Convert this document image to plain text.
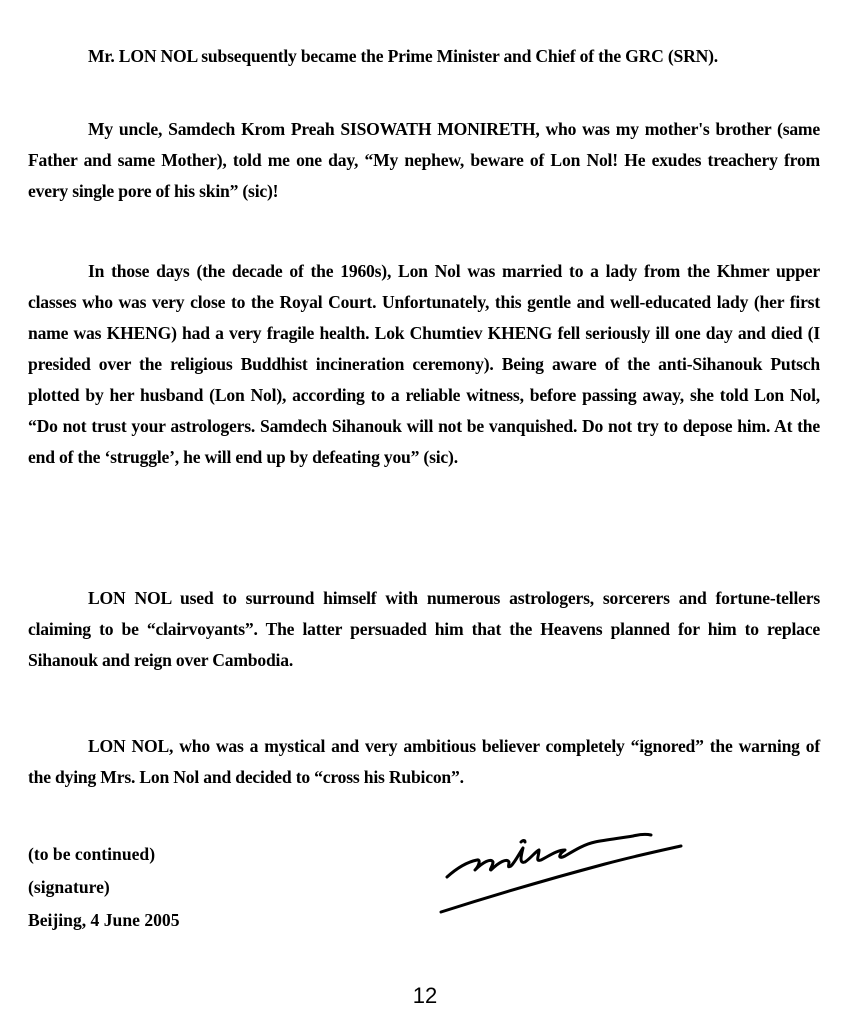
Mr. LON NOL subsequently became the Prime Minister and Chief of the GRC (SRN).

My uncle, Samdech Krom Preah SISOWATH MONIRETH, who was my mother's brother (same Father and same Mother), told me one day, “My nephew, beware of Lon Nol! He exudes treachery from every single pore of his skin” (sic)!

In those days (the decade of the 1960s), Lon Nol was married to a lady from the Khmer upper classes who was very close to the Royal Court. Unfortunately, this gentle and well-educated lady (her first name was KHENG) had a very fragile health. Lok Chumtiev KHENG fell seriously ill one day and died (I presided over the religious Buddhist incineration ceremony). Being aware of the anti-Sihanouk Putsch plotted by her husband (Lon Nol), according to a reliable witness, before passing away, she told Lon Nol, “Do not trust your astrologers. Samdech Sihanouk will not be vanquished. Do not try to depose him. At the end of the ‘struggle’, he will end up by defeating you” (sic).

LON NOL used to surround himself with numerous astrologers, sorcerers and fortune-tellers claiming to be “clairvoyants”. The latter persuaded him that the Heavens planned for him to replace Sihanouk and reign over Cambodia.

LON NOL, who was a mystical and very ambitious believer completely “ignored” the warning of the dying Mrs. Lon Nol and decided to “cross his Rubicon”.

(to be continued)
(signature)
Beijing, 4 June 2005
12
